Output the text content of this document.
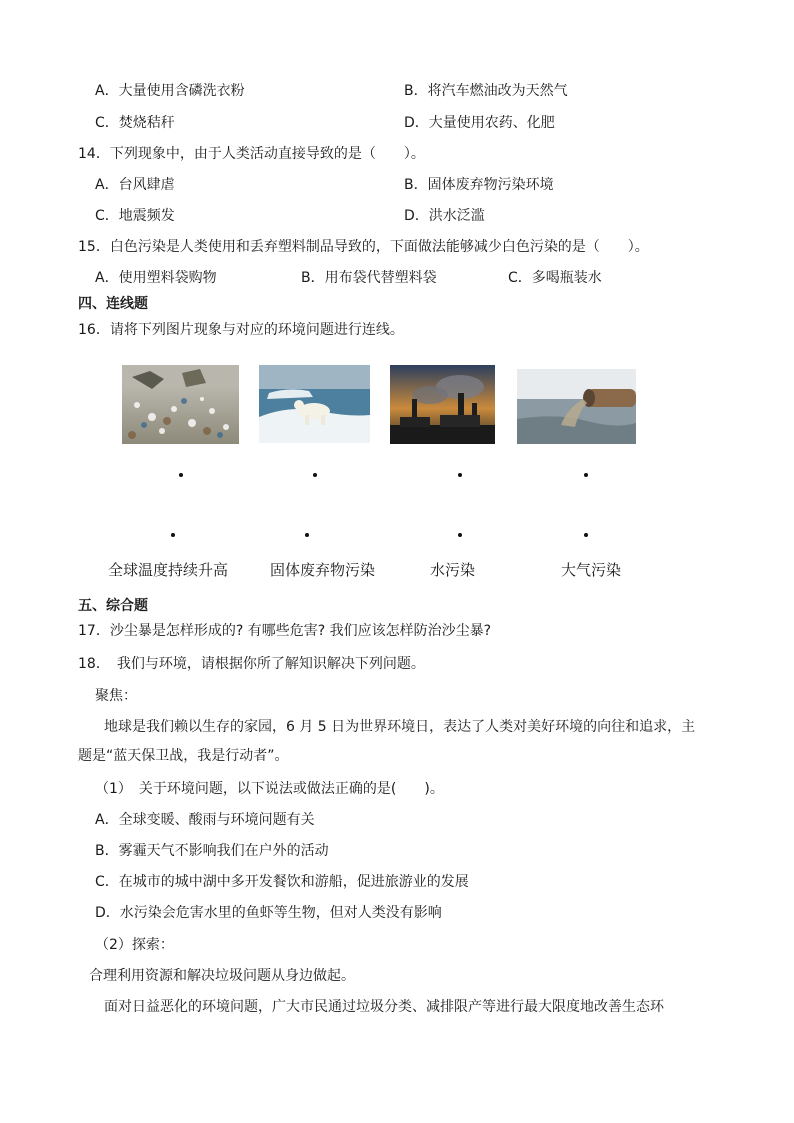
A．大量使用含磷洗衣粉	B．将汽车燃油改为天然气
C．焚烧秸秆	D．大量使用农药、化肥
14．下列现象中，由于人类活动直接导致的是（　　）。
A．台风肆虐	B．固体废弃物污染环境
C．地震频发	D．洪水泛滥
15．白色污染是人类使用和丢弃塑料制品导致的，下面做法能够减少白色污染的是（　　）。
A．使用塑料袋购物	B．用布袋代替塑料袋	C．多喝瓶装水
四、连线题
16．请将下列图片现象与对应的环境问题进行连线。
全球温度持续升高	固体废弃物污染	水污染	大气污染
五、综合题
17．沙尘暴是怎样形成的? 有哪些危害? 我们应该怎样防治沙尘暴?
18．　我们与环境，请根据你所了解知识解决下列问题。
聚焦：
地球是我们赖以生存的家园，6 月 5 日为世界环境日，表达了人类对美好环境的向往和追求，主
题是“蓝天保卫战，我是行动者”。
（1）　关于环境问题，以下说法或做法正确的是(　　)。
A．全球变暖、酸雨与环境问题有关
B．雾霾天气不影响我们在户外的活动
C．在城市的城中湖中多开发餐饮和游船，促进旅游业的发展
D．水污染会危害水里的鱼虾等生物，但对人类没有影响
（2）探索：
合理利用资源和解决垃圾问题从身边做起。
面对日益恶化的环境问题，广大市民通过垃圾分类、减排限产等进行最大限度地改善生态环
